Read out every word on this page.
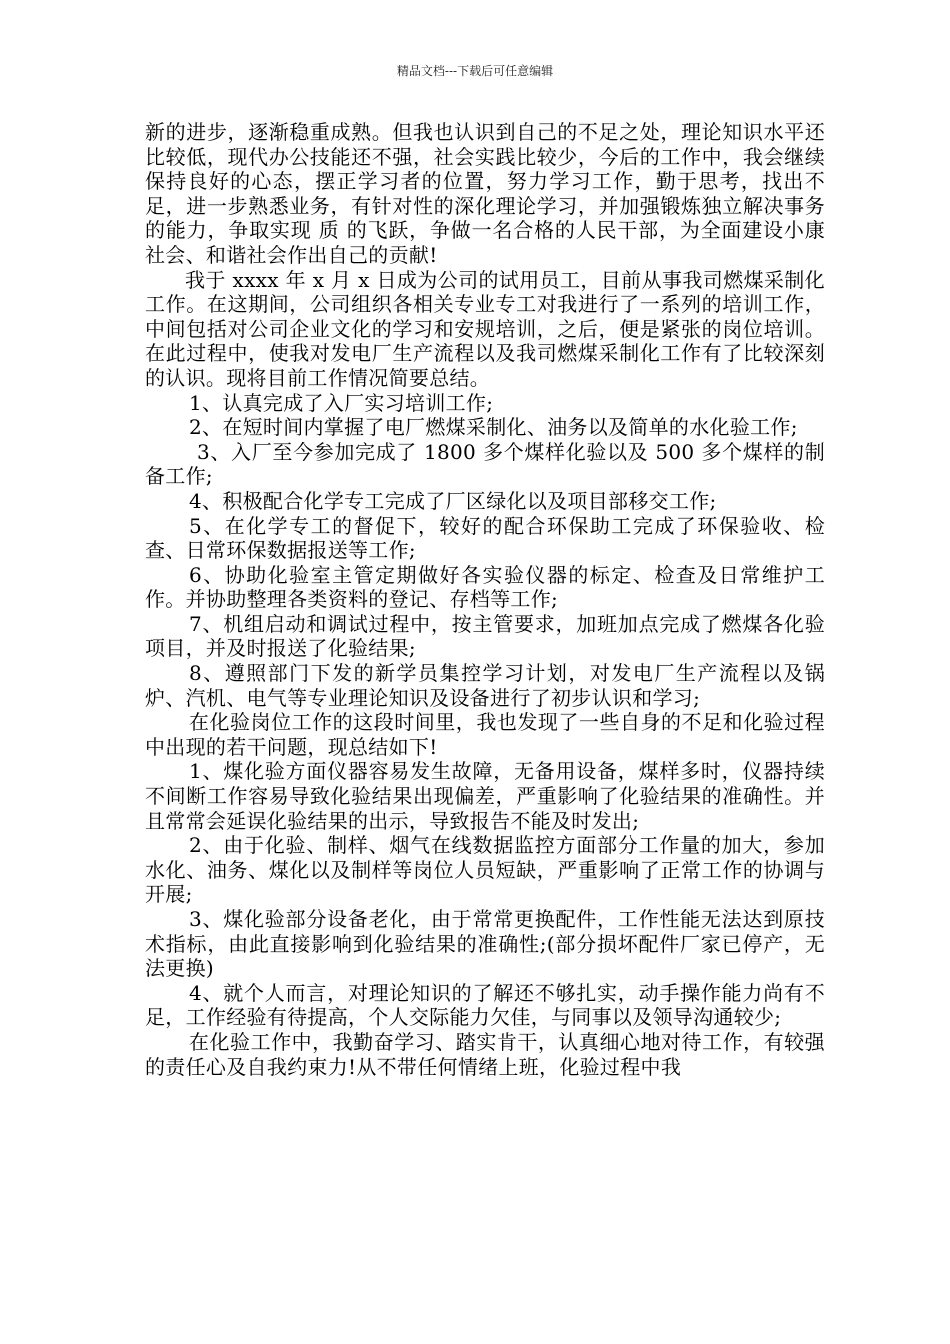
精品文档---下载后可任意编辑

新的进步，逐渐稳重成熟。但我也认识到自己的不足之处，理论知识水平还比较低，现代办公技能还不强，社会实践比较少，今后的工作中，我会继续保持良好的心态，摆正学习者的位置，努力学习工作，勤于思考，找出不足，进一步熟悉业务，有针对性的深化理论学习，并加强锻炼独立解决事务的能力，争取实现 质 的飞跃，争做一名合格的人民干部，为全面建设小康社会、和谐社会作出自己的贡献!

我于 xxxx 年 x 月 x 日成为公司的试用员工，目前从事我司燃煤采制化工作。在这期间，公司组织各相关专业专工对我进行了一系列的培训工作，中间包括对公司企业文化的学习和安规培训，之后，便是紧张的岗位培训。在此过程中，使我对发电厂生产流程以及我司燃煤采制化工作有了比较深刻的认识。现将目前工作情况简要总结。

1、认真完成了入厂实习培训工作;

2、在短时间内掌握了电厂燃煤采制化、油务以及简单的水化验工作;

3、入厂至今参加完成了 1800 多个煤样化验以及 500 多个煤样的制备工作;

4、积极配合化学专工完成了厂区绿化以及项目部移交工作;

5、在化学专工的督促下，较好的配合环保助工完成了环保验收、检查、日常环保数据报送等工作;

6、协助化验室主管定期做好各实验仪器的标定、检查及日常维护工作。并协助整理各类资料的登记、存档等工作;

7、机组启动和调试过程中，按主管要求，加班加点完成了燃煤各化验项目，并及时报送了化验结果;

8、遵照部门下发的新学员集控学习计划，对发电厂生产流程以及锅炉、汽机、电气等专业理论知识及设备进行了初步认识和学习;

在化验岗位工作的这段时间里，我也发现了一些自身的不足和化验过程中出现的若干问题，现总结如下!

1、煤化验方面仪器容易发生故障，无备用设备，煤样多时，仪器持续不间断工作容易导致化验结果出现偏差，严重影响了化验结果的准确性。并且常常会延误化验结果的出示，导致报告不能及时发出;

2、由于化验、制样、烟气在线数据监控方面部分工作量的加大，参加水化、油务、煤化以及制样等岗位人员短缺，严重影响了正常工作的协调与开展;

3、煤化验部分设备老化，由于常常更换配件，工作性能无法达到原技术指标，由此直接影响到化验结果的准确性;(部分损坏配件厂家已停产，无法更换)

4、就个人而言，对理论知识的了解还不够扎实，动手操作能力尚有不足，工作经验有待提高，个人交际能力欠佳，与同事以及领导沟通较少;

在化验工作中，我勤奋学习、踏实肯干，认真细心地对待工作，有较强的责任心及自我约束力!从不带任何情绪上班，化验过程中我
